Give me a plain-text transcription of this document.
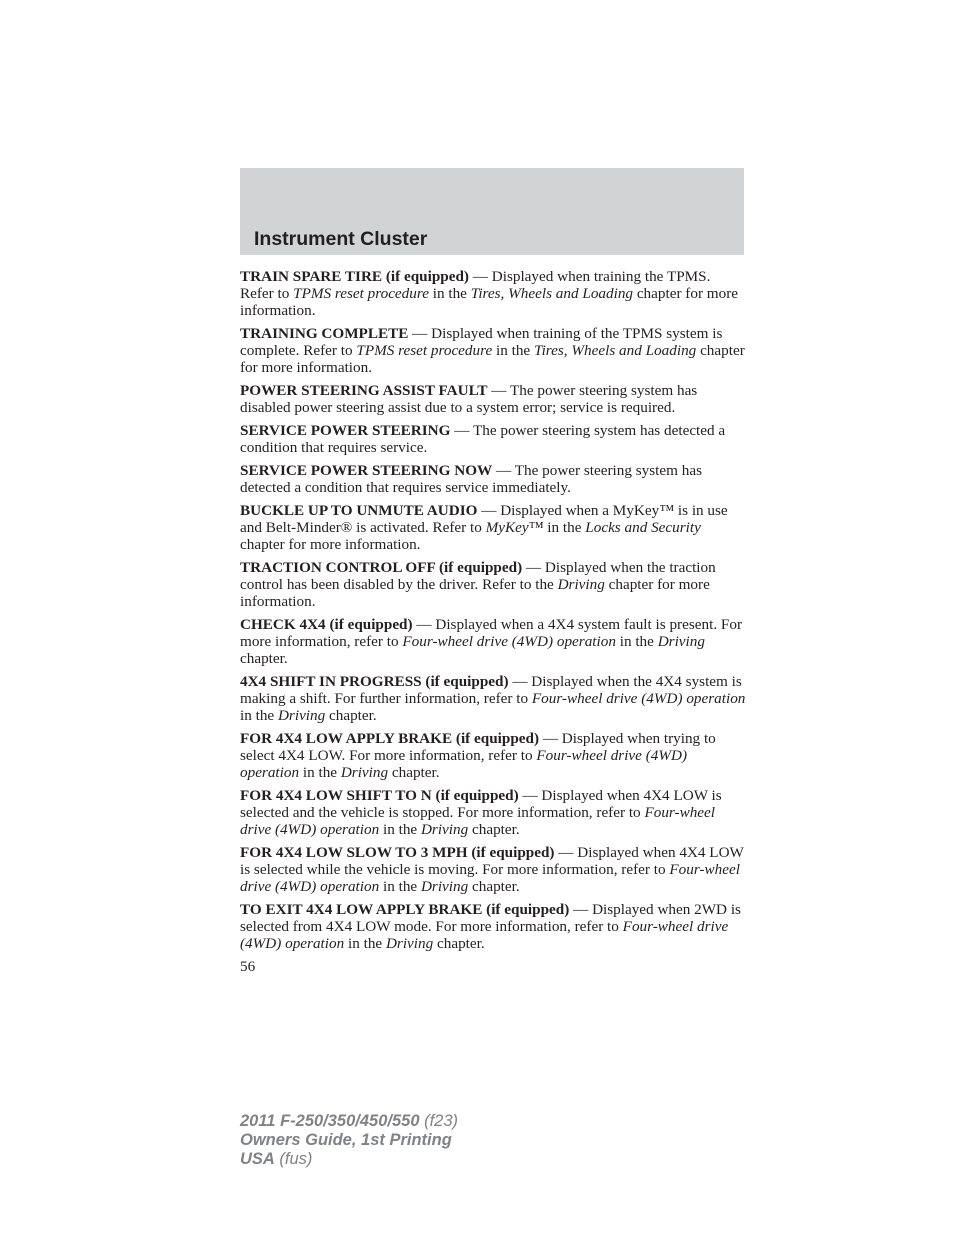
Instrument Cluster

TRAIN SPARE TIRE (if equipped) — Displayed when training the TPMS. Refer to TPMS reset procedure in the Tires, Wheels and Loading chapter for more information.

TRAINING COMPLETE — Displayed when training of the TPMS system is complete. Refer to TPMS reset procedure in the Tires, Wheels and Loading chapter for more information.

POWER STEERING ASSIST FAULT — The power steering system has disabled power steering assist due to a system error; service is required.

SERVICE POWER STEERING — The power steering system has detected a condition that requires service.

SERVICE POWER STEERING NOW — The power steering system has detected a condition that requires service immediately.

BUCKLE UP TO UNMUTE AUDIO — Displayed when a MyKey™ is in use and Belt-Minder® is activated. Refer to MyKey™ in the Locks and Security chapter for more information.

TRACTION CONTROL OFF (if equipped) — Displayed when the traction control has been disabled by the driver. Refer to the Driving chapter for more information.

CHECK 4X4 (if equipped) — Displayed when a 4X4 system fault is present. For more information, refer to Four-wheel drive (4WD) operation in the Driving chapter.

4X4 SHIFT IN PROGRESS (if equipped) — Displayed when the 4X4 system is making a shift. For further information, refer to Four-wheel drive (4WD) operation in the Driving chapter.

FOR 4X4 LOW APPLY BRAKE (if equipped) — Displayed when trying to select 4X4 LOW. For more information, refer to Four-wheel drive (4WD) operation in the Driving chapter.

FOR 4X4 LOW SHIFT TO N (if equipped) — Displayed when 4X4 LOW is selected and the vehicle is stopped. For more information, refer to Four-wheel drive (4WD) operation in the Driving chapter.

FOR 4X4 LOW SLOW TO 3 MPH (if equipped) — Displayed when 4X4 LOW is selected while the vehicle is moving. For more information, refer to Four-wheel drive (4WD) operation in the Driving chapter.

TO EXIT 4X4 LOW APPLY BRAKE (if equipped) — Displayed when 2WD is selected from 4X4 LOW mode. For more information, refer to Four-wheel drive (4WD) operation in the Driving chapter.

56
2011 F-250/350/450/550 (f23)
Owners Guide, 1st Printing
USA (fus)
